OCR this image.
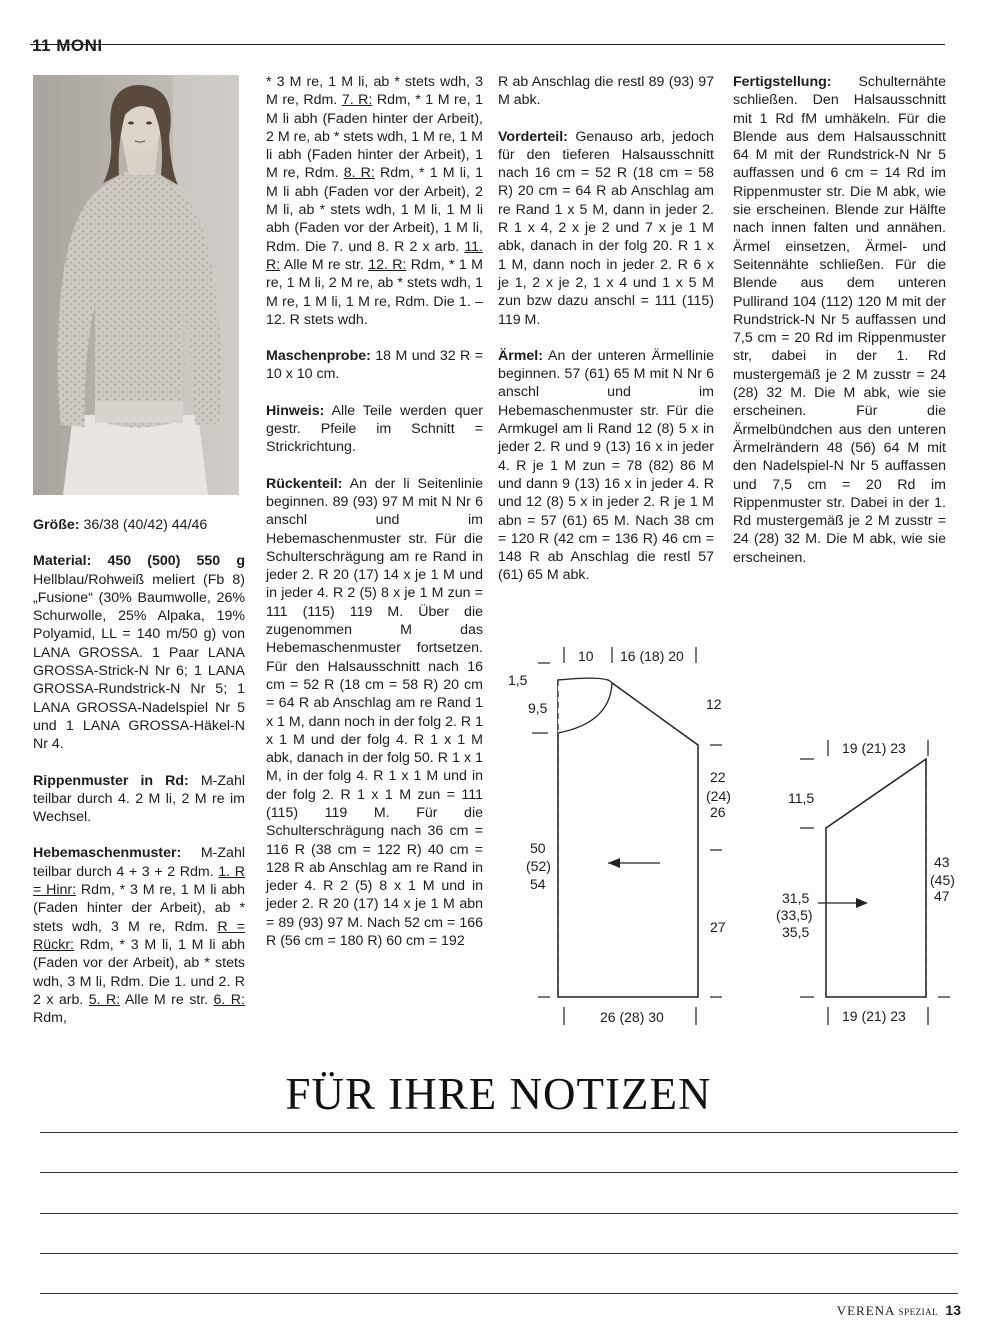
11 MONI

Größe: 36/38 (40/42) 44/46

Material: 450 (500) 550 g Hellblau/Rohweiß meliert (Fb 8) „Fusione“ (30% Baumwolle, 26% Schurwolle, 25% Alpaka, 19% Polyamid, LL = 140 m/50 g) von LANA GROSSA. 1 Paar LANA GROSSA-Strick-N Nr 6; 1 LANA GROSSA-Rundstrick-N Nr 5; 1 LANA GROSSA-Nadelspiel Nr 5 und 1 LANA GROSSA-Häkel-N Nr 4.

Rippenmuster in Rd: M-Zahl teilbar durch 4. 2 M li, 2 M re im Wechsel.

Hebemaschenmuster: M-Zahl teilbar durch 4 + 3 + 2 Rdm. 1. R = Hinr: Rdm, * 3 M re, 1 M li abh (Faden hinter der Arbeit), ab * stets wdh, 3 M re, Rdm. R = Rückr: Rdm, * 3 M li, 1 M li abh (Faden vor der Arbeit), ab * stets wdh, 3 M li, Rdm. Die 1. und 2. R 2 x arb. 5. R: Alle M re str. 6. R: Rdm,

* 3 M re, 1 M li, ab * stets wdh, 3 M re, Rdm. 7. R: Rdm, * 1 M re, 1 M li abh (Faden hinter der Arbeit), 2 M re, ab * stets wdh, 1 M re, 1 M li abh (Faden hinter der Arbeit), 1 M re, Rdm. 8. R: Rdm, * 1 M li, 1 M li abh (Faden vor der Arbeit), 2 M li, ab * stets wdh, 1 M li, 1 M li abh (Faden vor der Arbeit), 1 M li, Rdm. Die 7. und 8. R 2 x arb. 11. R: Alle M re str. 12. R: Rdm, * 1 M re, 1 M li, 2 M re, ab * stets wdh, 1 M re, 1 M li, 1 M re, Rdm. Die 1. – 12. R stets wdh.

Maschenprobe: 18 M und 32 R = 10 x 10 cm.

Hinweis: Alle Teile werden quer gestr. Pfeile im Schnitt = Strickrichtung.

Rückenteil: An der li Seitenlinie beginnen. 89 (93) 97 M mit N Nr 6 anschl und im Hebemaschenmuster str. Für die Schulterschrägung am re Rand in jeder 2. R 20 (17) 14 x je 1 M und in jeder 4. R 2 (5) 8 x je 1 M zun = 111 (115) 119 M. Über die zugenommen M das Hebemaschenmuster fortsetzen. Für den Halsausschnitt nach 16 cm = 52 R (18 cm = 58 R) 20 cm = 64 R ab Anschlag am re Rand 1 x 1 M, dann noch in der folg 2. R 1 x 1 M und der folg 4. R 1 x 1 M abk, danach in der folg 50. R 1 x 1 M, in der folg 4. R 1 x 1 M und in der folg 2. R 1 x 1 M zun = 111 (115) 119 M. Für die Schulterschrägung nach 36 cm = 116 R (38 cm = 122 R) 40 cm = 128 R ab Anschlag am re Rand in jeder 4. R 2 (5) 8 x 1 M und in jeder 2. R 20 (17) 14 x je 1 M abn = 89 (93) 97 M. Nach 52 cm = 166 R (56 cm = 180 R) 60 cm = 192

R ab Anschlag die restl 89 (93) 97 M abk.

Vorderteil: Genauso arb, jedoch für den tieferen Halsausschnitt nach 16 cm = 52 R (18 cm = 58 R) 20 cm = 64 R ab Anschlag am re Rand 1 x 5 M, dann in jeder 2. R 1 x 4, 2 x je 2 und 7 x je 1 M abk, danach in der folg 20. R 1 x 1 M, dann noch in jeder 2. R 6 x je 1, 2 x je 2, 1 x 4 und 1 x 5 M zun bzw dazu anschl = 111 (115) 119 M.

Ärmel: An der unteren Ärmellinie beginnen. 57 (61) 65 M mit N Nr 6 anschl und im Hebemaschenmuster str. Für die Armkugel am li Rand 12 (8) 5 x in jeder 2. R und 9 (13) 16 x in jeder 4. R je 1 M zun = 78 (82) 86 M und dann 9 (13) 16 x in jeder 4. R und 12 (8) 5 x in jeder 2. R je 1 M abn = 57 (61) 65 M. Nach 38 cm = 120 R (42 cm = 136 R) 46 cm = 148 R ab Anschlag die restl 57 (61) 65 M abk.

Fertigstellung: Schulternähte schließen. Den Halsausschnitt mit 1 Rd fM umhäkeln. Für die Blende aus dem Halsausschnitt 64 M mit der Rundstrick-N Nr 5 auffassen und 6 cm = 14 Rd im Rippenmuster str. Die M abk, wie sie erscheinen. Blende zur Hälfte nach innen falten und annähen. Ärmel einsetzen, Ärmel- und Seitennähte schließen. Für die Blende aus dem unteren Pullirand 104 (112) 120 M mit der Rundstrick-N Nr 5 auffassen und 7,5 cm = 20 Rd im Rippenmuster str, dabei in der 1. Rd mustergemäß je 2 M zusstr = 24 (28) 32 M. Die M abk, wie sie erscheinen. Für die Ärmelbündchen aus den unteren Ärmelrändern 48 (56) 64 M mit den Nadelspiel-N Nr 5 auffassen und 7,5 cm = 20 Rd im Rippenmuster str. Dabei in der 1. Rd mustergemäß je 2 M zusstr = 24 (28) 32 M. Die M abk, wie sie erscheinen.

10 16 (18) 20
1,5
9,5	12
22
(24)
26
50
(52)
54
27
26 (28) 30
19 (21) 23
11,5
31,5
(33,5)
35,5
43
(45)
47
19 (21) 23
FÜR IHRE NOTIZEN
VERENA SPEZIAL 13
